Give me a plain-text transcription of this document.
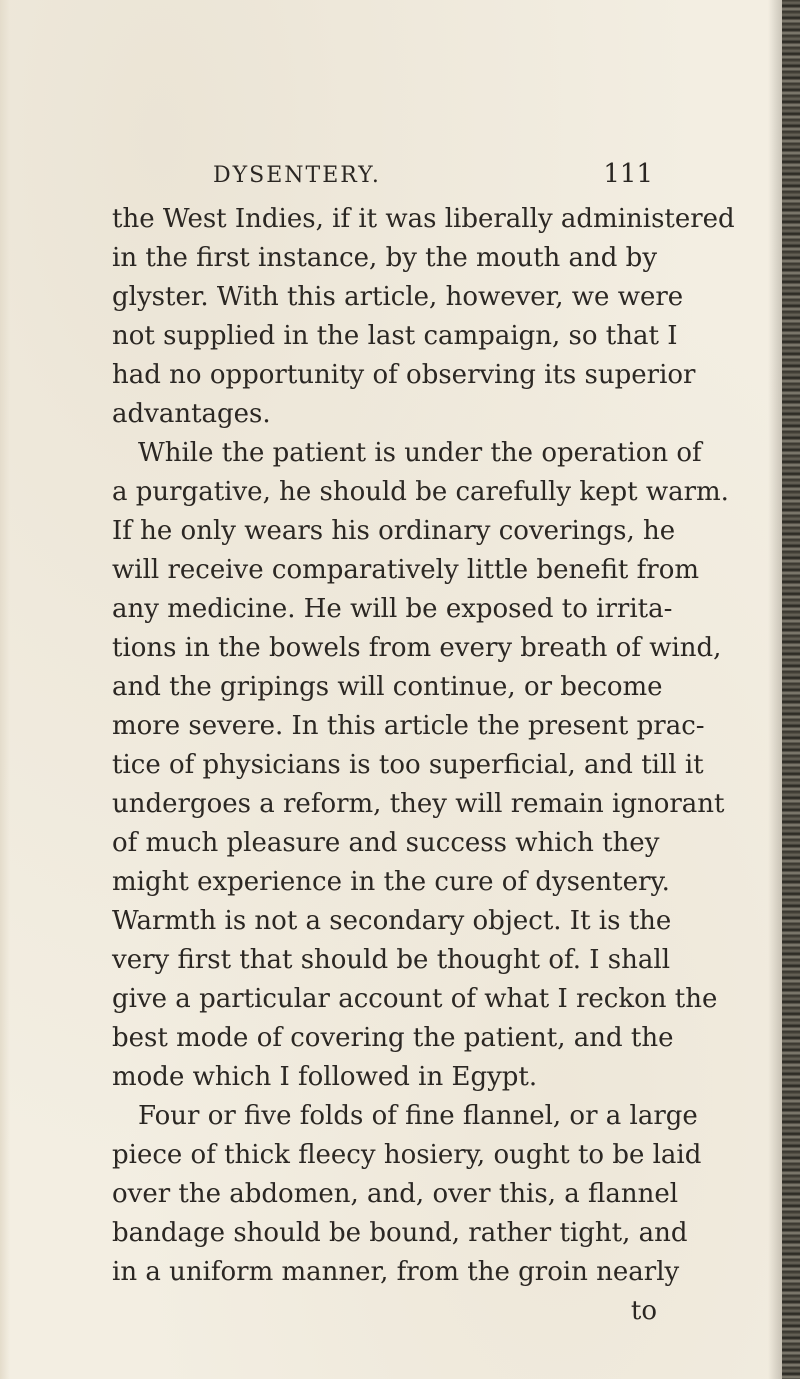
DYSENTERY.	111
the West Indies, if it was liberally administered
in the first instance, by the mouth and by
glyster. With this article, however, we were
not supplied in the last campaign, so that I
had no opportunity of observing its superior
advantages.
While the patient is under the operation of
a purgative, he should be carefully kept warm.
If he only wears his ordinary coverings, he
will receive comparatively little benefit from
any medicine. He will be exposed to irrita-
tions in the bowels from every breath of wind,
and the gripings will continue, or become
more severe. In this article the present prac-
tice of physicians is too superficial, and till it
undergoes a reform, they will remain ignorant
of much pleasure and success which they
might experience in the cure of dysentery.
Warmth is not a secondary object. It is the
very first that should be thought of. I shall
give a particular account of what I reckon the
best mode of covering the patient, and the
mode which I followed in Egypt.
Four or five folds of fine flannel, or a large
piece of thick fleecy hosiery, ought to be laid
over the abdomen, and, over this, a flannel
bandage should be bound, rather tight, and
in a uniform manner, from the groin nearly
to
